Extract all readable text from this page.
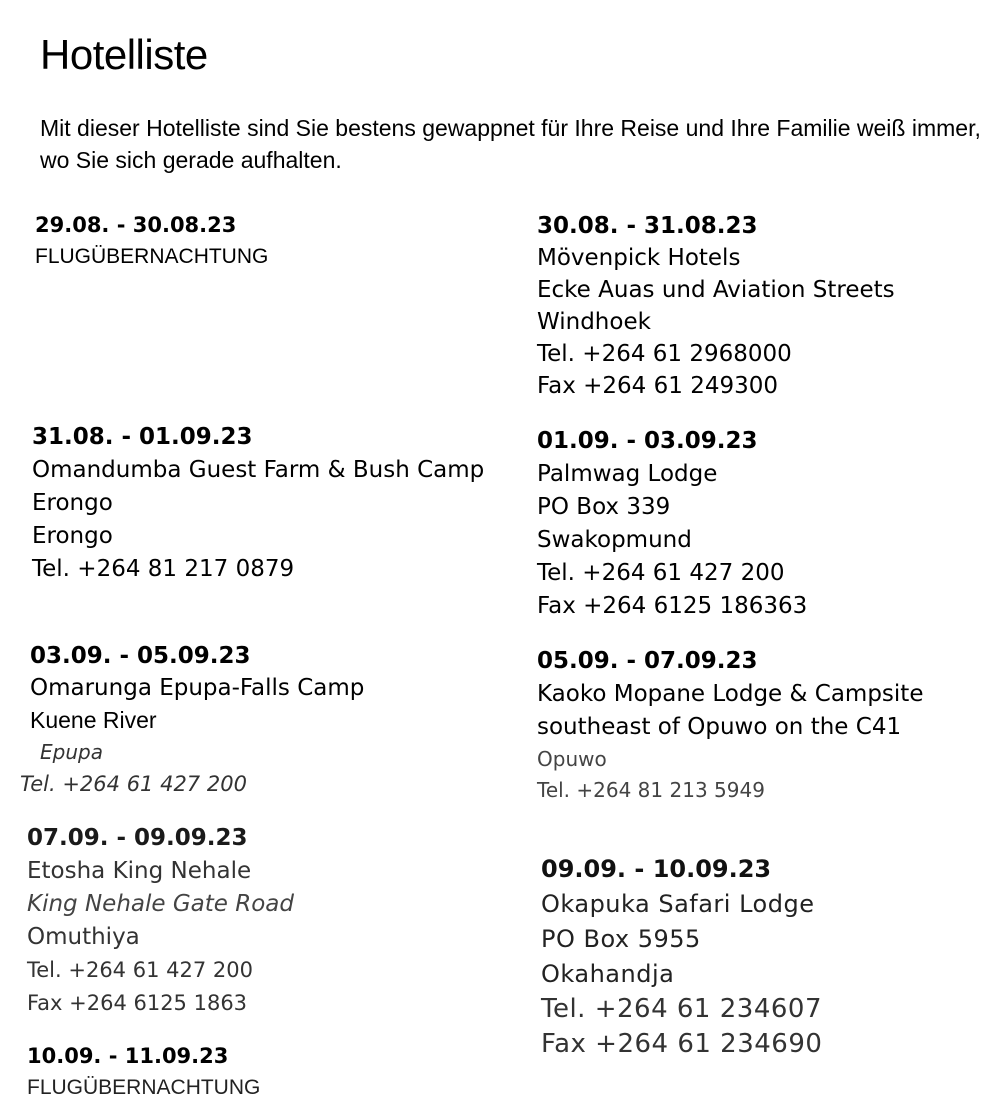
Hotelliste

Mit dieser Hotelliste sind Sie bestens gewappnet für Ihre Reise und Ihre Familie weiß immer, wo Sie sich gerade aufhalten.

29.08. - 30.08.23
FLUGÜBERNACHTUNG
30.08. - 31.08.23
Mövenpick Hotels
Ecke Auas und Aviation Streets
Windhoek
Tel. +264 61 2968000
Fax +264 61 249300
31.08. - 01.09.23
Omandumba Guest Farm & Bush Camp
Erongo
Erongo
Tel. +264 81 217 0879
01.09. - 03.09.23
Palmwag Lodge
PO Box 339
Swakopmund
Tel. +264 61 427 200
Fax +264 6125 186363
03.09. - 05.09.23
Omarunga Epupa-Falls Camp
Kuene River
Epupa
Tel. +264 61 427 200
05.09. - 07.09.23
Kaoko Mopane Lodge & Campsite
southeast of Opuwo on the C41
Opuwo
Tel. +264 81 213 5949
07.09. - 09.09.23
Etosha King Nehale
King Nehale Gate Road
Omuthiya
Tel. +264 61 427 200
Fax +264 6125 1863
10.09. - 11.09.23
FLUGÜBERNACHTUNG
09.09. - 10.09.23
Okapuka Safari Lodge
PO Box 5955
Okahandja
Tel. +264 61 234607
Fax +264 61 234690
